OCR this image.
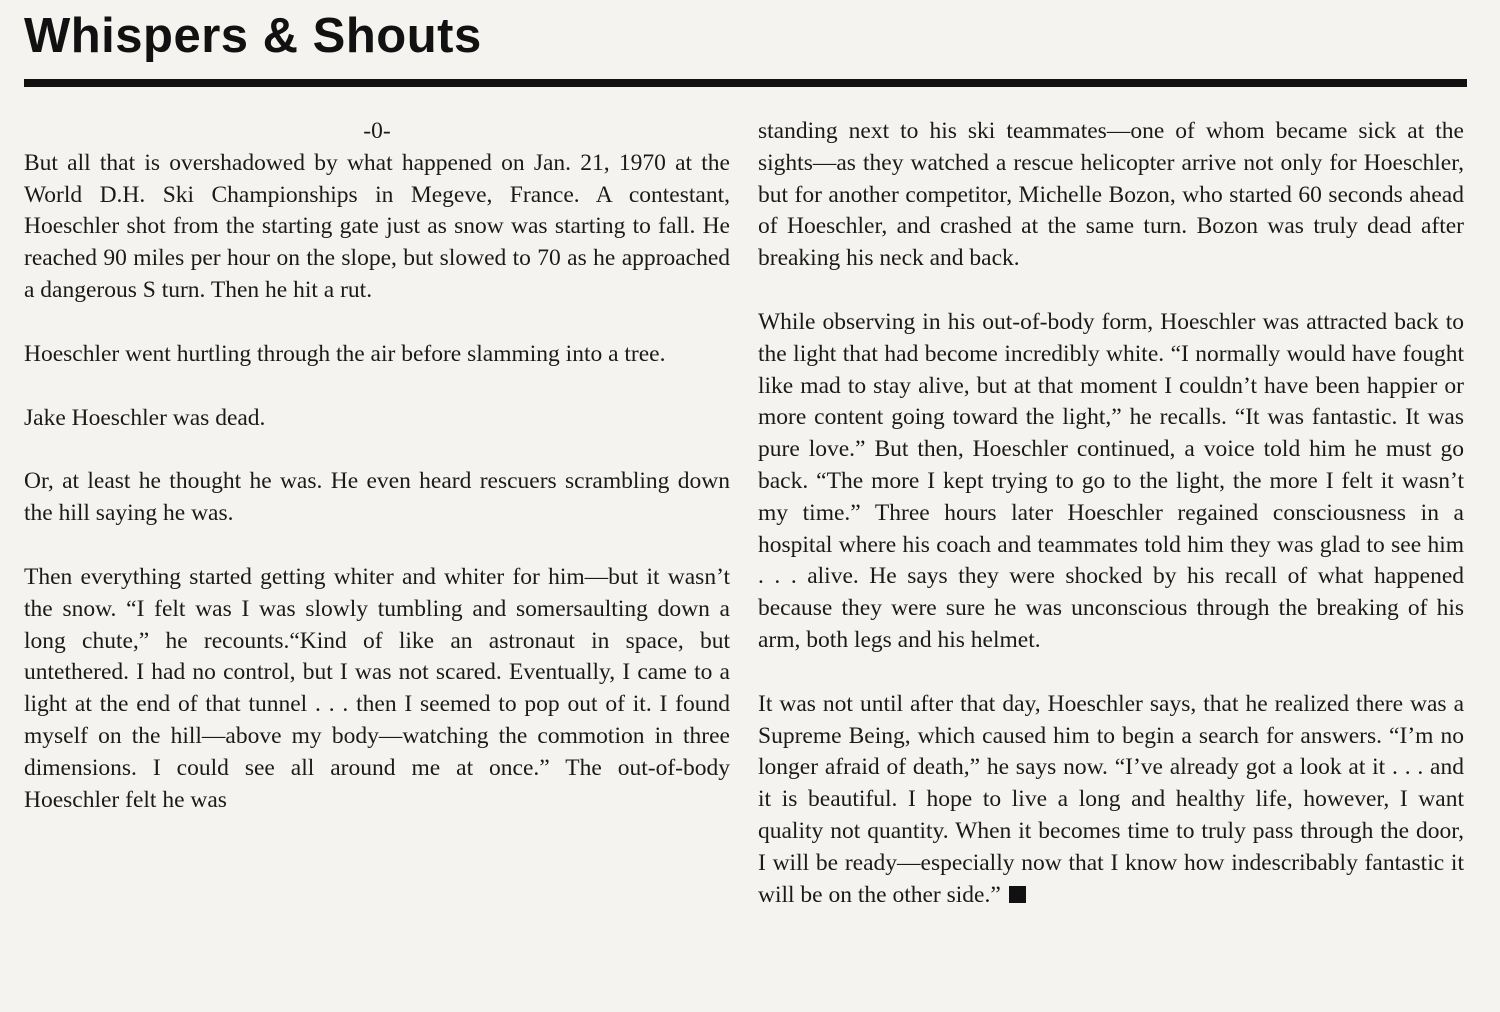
Whispers & Shouts

-0-

But all that is overshadowed by what happened on Jan. 21, 1970 at the World D.H. Ski Championships in Megeve, France. A contestant, Hoeschler shot from the starting gate just as snow was starting to fall. He reached 90 miles per hour on the slope, but slowed to 70 as he approached a dangerous S turn. Then he hit a rut.

Hoeschler went hurtling through the air before slamming into a tree.

Jake Hoeschler was dead.

Or, at least he thought he was. He even heard rescuers scrambling down the hill saying he was.

Then everything started getting whiter and whiter for him—but it wasn’t the snow. “I felt was I was slowly tumbling and somersaulting down a long chute,” he recounts.“Kind of like an astronaut in space, but untethered. I had no control, but I was not scared. Eventually, I came to a light at the end of that tunnel . . . then I seemed to pop out of it. I found myself on the hill—above my body—watching the commotion in three dimensions. I could see all around me at once.” The out-of-body Hoeschler felt he was

standing next to his ski teammates—one of whom became sick at the sights—as they watched a rescue helicopter arrive not only for Hoeschler, but for another competitor, Michelle Bozon, who started 60 seconds ahead of Hoeschler, and crashed at the same turn. Bozon was truly dead after breaking his neck and back.

While observing in his out-of-body form, Hoeschler was attracted back to the light that had become incredibly white. “I normally would have fought like mad to stay alive, but at that moment I couldn’t have been happier or more content going toward the light,” he recalls. “It was fantastic. It was pure love.” But then, Hoeschler continued, a voice told him he must go back. “The more I kept trying to go to the light, the more I felt it wasn’t my time.” Three hours later Hoeschler regained consciousness in a hospital where his coach and teammates told him they was glad to see him . . . alive. He says they were shocked by his recall of what happened because they were sure he was unconscious through the breaking of his arm, both legs and his helmet.

It was not until after that day, Hoeschler says, that he realized there was a Supreme Being, which caused him to begin a search for answers. “I’m no longer afraid of death,” he says now. “I’ve already got a look at it . . . and it is beautiful. I hope to live a long and healthy life, however, I want quality not quantity. When it becomes time to truly pass through the door, I will be ready—especially now that I know how indescribably fantastic it will be on the other side.”
